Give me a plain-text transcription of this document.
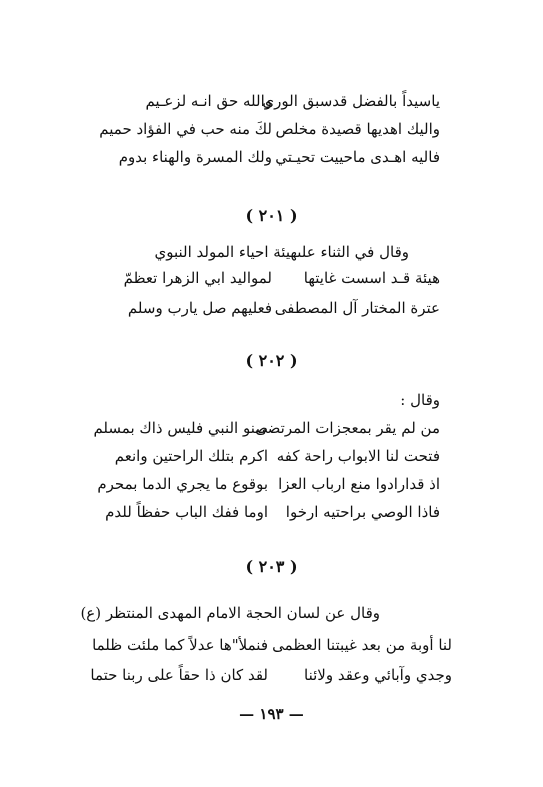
ياسيداً بالفضل قدسبق الورى
والله حق انـه لزعـيم
واليك اهديها قصيدة مخلص
لكَ منه حب في الفؤاد حميم
فاليه اهـدى ماحييت تحيـتي
ولك المسرة والهناء بدوم
( ٢٠١ )
وقال في الثناء علىهيئة احياء المولد النبوي
هيئة قـد اسست غايتها
لمواليد ابي الزهرا تعظمّ
عترة المختار آل المصطفى
فعليهم صل يارب وسلم
( ٢٠٢ )
وقال :
من لم يقر بمعجزات المرتضى
صنو النبي فليس ذاك بمسلم
فتحت لنا الابواب راحة كفه
اكرم بتلك الراحتين وانعم
اذ قدارادوا منع ارباب العزا
بوقوع ما يجري الدما بمحرم
فاذا الوصي براحتيه ارخوا
اوما ففك الباب حفظاً للدم
( ٢٠٣ )
وقال عن لسان الحجة الامام المهدى المنتظر (ع)
لنا أوبة من بعد غيبتنا العظمى
فنملأ"ها عدلاً كما ملئت ظلما
وجدي وآبائي وعقد ولائنا
لقد كان ذا حقاً على ربنا حتما
— ١٩٣ —
